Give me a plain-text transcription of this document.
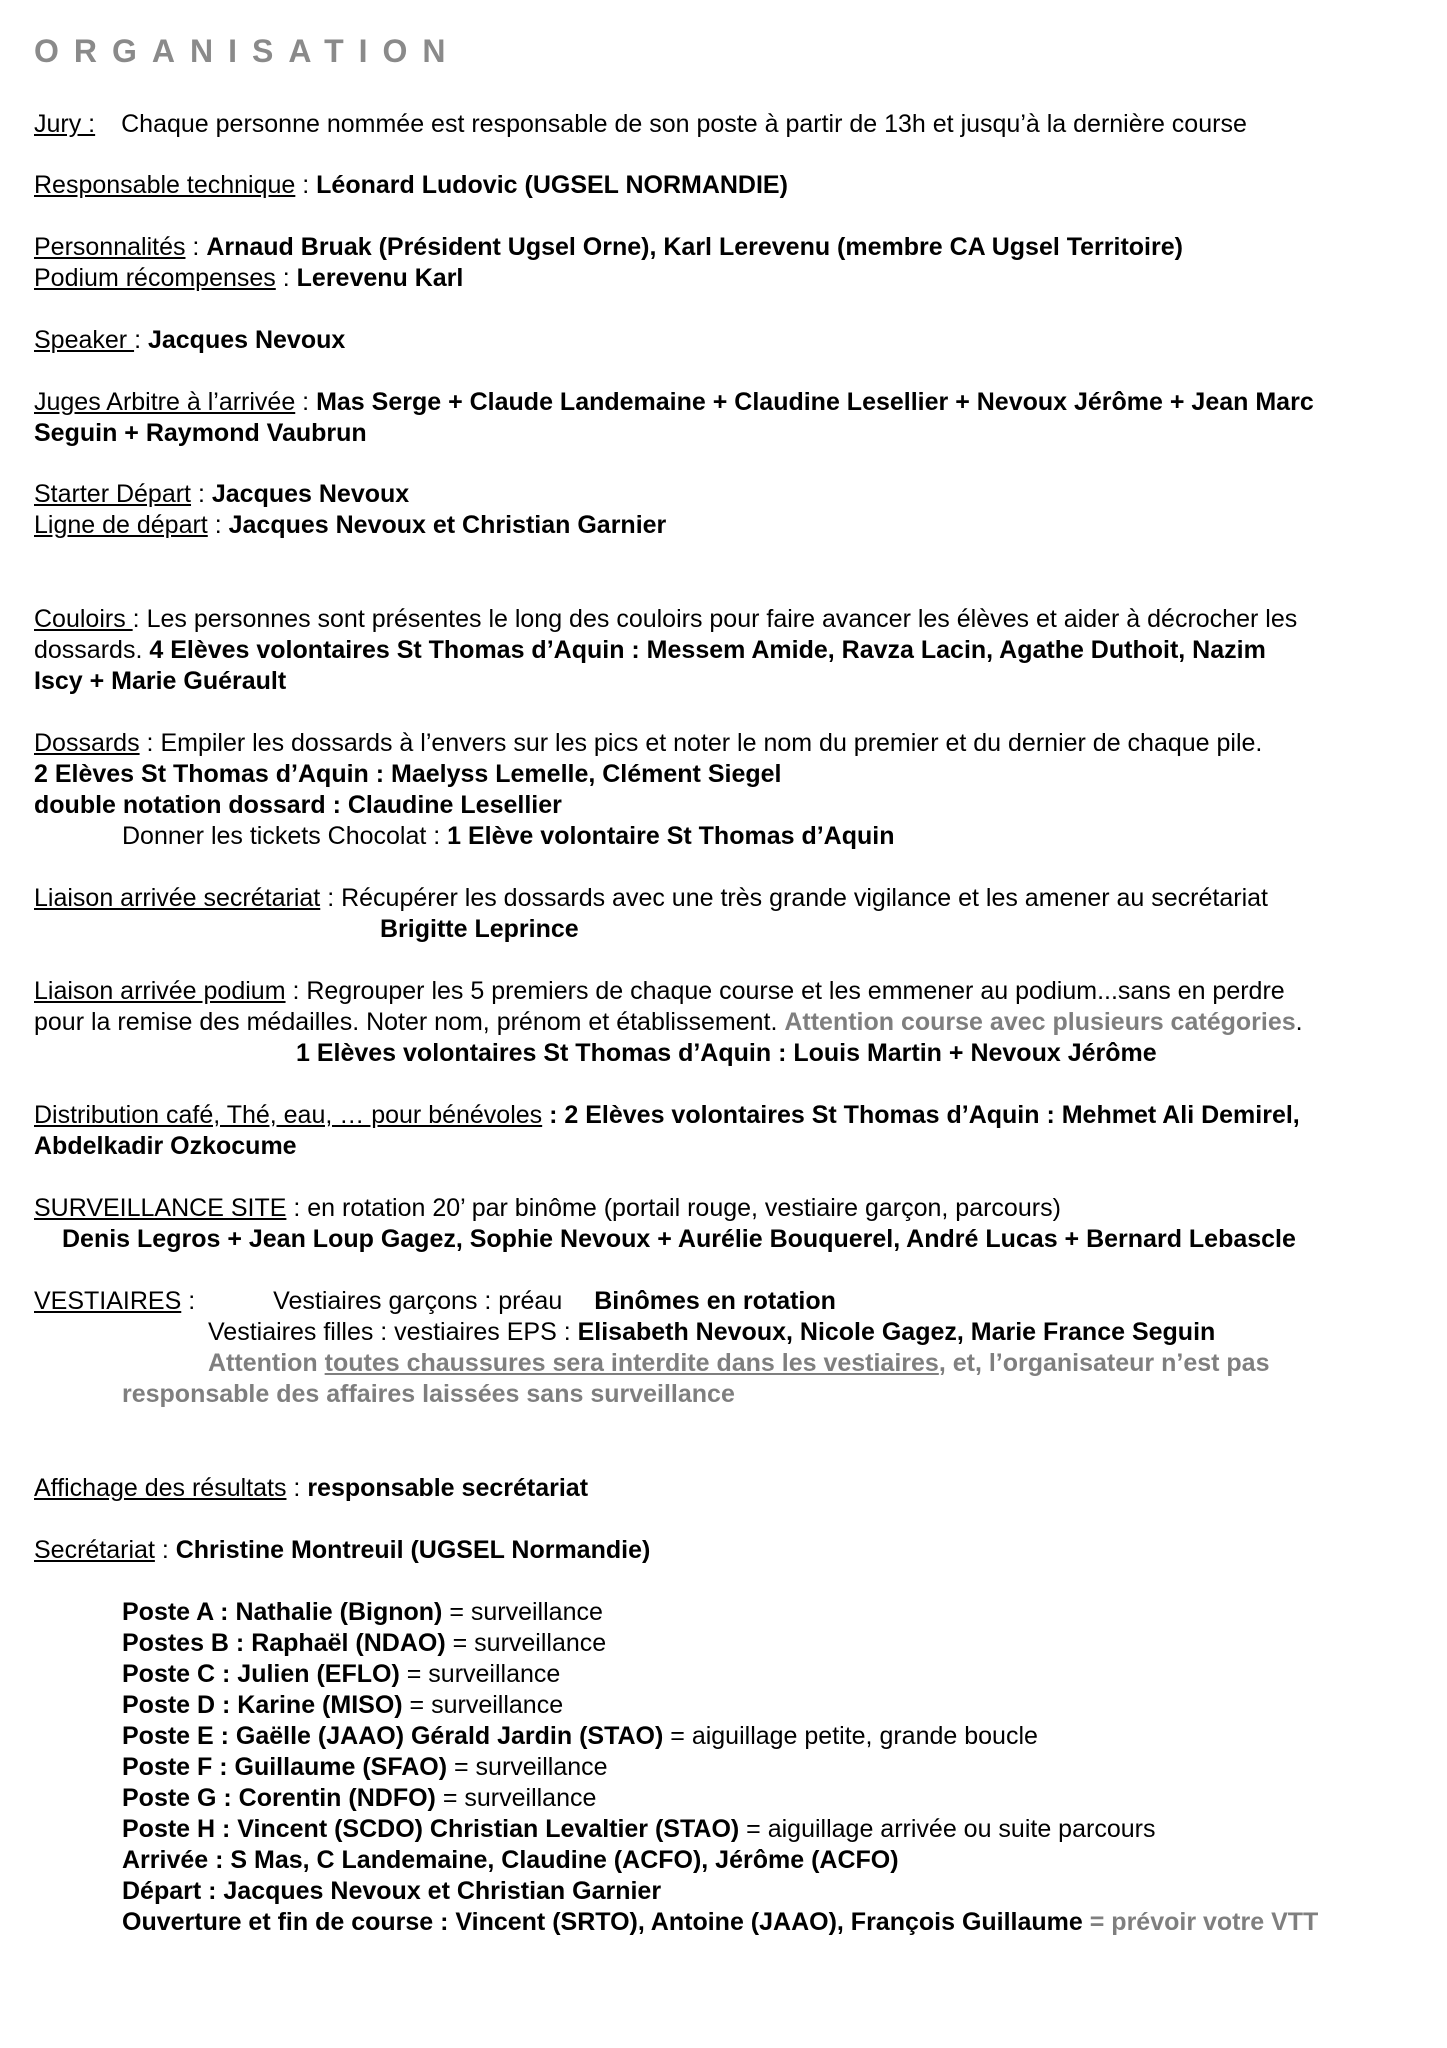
ORGANISATION
Jury : Chaque personne nommée est responsable de son poste à partir de 13h et jusqu’à la dernière course
Responsable technique : Léonard Ludovic (UGSEL NORMANDIE)
Personnalités : Arnaud Bruak (Président Ugsel Orne), Karl Lerevenu (membre CA Ugsel Territoire)
Podium récompenses : Lerevenu Karl
Speaker : Jacques Nevoux
Juges Arbitre à l’arrivée : Mas Serge + Claude Landemaine + Claudine Lesellier + Nevoux Jérôme + Jean Marc
Seguin + Raymond Vaubrun
Starter Départ : Jacques Nevoux
Ligne de départ : Jacques Nevoux et Christian Garnier
Couloirs : Les personnes sont présentes le long des couloirs pour faire avancer les élèves et aider à décrocher les
dossards. 4 Elèves volontaires St Thomas d’Aquin : Messem Amide, Ravza Lacin, Agathe Duthoit, Nazim
Iscy + Marie Guérault
Dossards : Empiler les dossards à l’envers sur les pics et noter le nom du premier et du dernier de chaque pile.
2 Elèves St Thomas d’Aquin : Maelyss Lemelle, Clément Siegel
double notation dossard : Claudine Lesellier
Donner les tickets Chocolat : 1 Elève volontaire St Thomas d’Aquin
Liaison arrivée secrétariat : Récupérer les dossards avec une très grande vigilance et les amener au secrétariat
Brigitte Leprince
Liaison arrivée podium : Regrouper les 5 premiers de chaque course et les emmener au podium...sans en perdre
pour la remise des médailles. Noter nom, prénom et établissement. Attention course avec plusieurs catégories.
1 Elèves volontaires St Thomas d’Aquin : Louis Martin + Nevoux Jérôme
Distribution café, Thé, eau, … pour bénévoles : 2 Elèves volontaires St Thomas d’Aquin : Mehmet Ali Demirel,
Abdelkadir Ozkocume
SURVEILLANCE SITE : en rotation 20’ par binôme (portail rouge, vestiaire garçon, parcours)
Denis Legros + Jean Loup Gagez, Sophie Nevoux + Aurélie Bouquerel, André Lucas + Bernard Lebascle
VESTIAIRES :	Vestiaires garçons : préau Binômes en rotation
Vestiaires filles : vestiaires EPS : Elisabeth Nevoux, Nicole Gagez, Marie France Seguin
Attention toutes chaussures sera interdite dans les vestiaires, et, l’organisateur n’est pas
responsable des affaires laissées sans surveillance
Affichage des résultats : responsable secrétariat
Secrétariat : Christine Montreuil (UGSEL Normandie)
Poste A : Nathalie (Bignon) = surveillance
Postes B : Raphaël (NDAO) = surveillance
Poste C : Julien (EFLO) = surveillance
Poste D : Karine (MISO) = surveillance
Poste E : Gaëlle (JAAO) Gérald Jardin (STAO) = aiguillage petite, grande boucle
Poste F : Guillaume (SFAO) = surveillance
Poste G : Corentin (NDFO) = surveillance
Poste H : Vincent (SCDO) Christian Levaltier (STAO) = aiguillage arrivée ou suite parcours
Arrivée : S Mas, C Landemaine, Claudine (ACFO), Jérôme (ACFO)
Départ : Jacques Nevoux et Christian Garnier
Ouverture et fin de course : Vincent (SRTO), Antoine (JAAO), François Guillaume = prévoir votre VTT
